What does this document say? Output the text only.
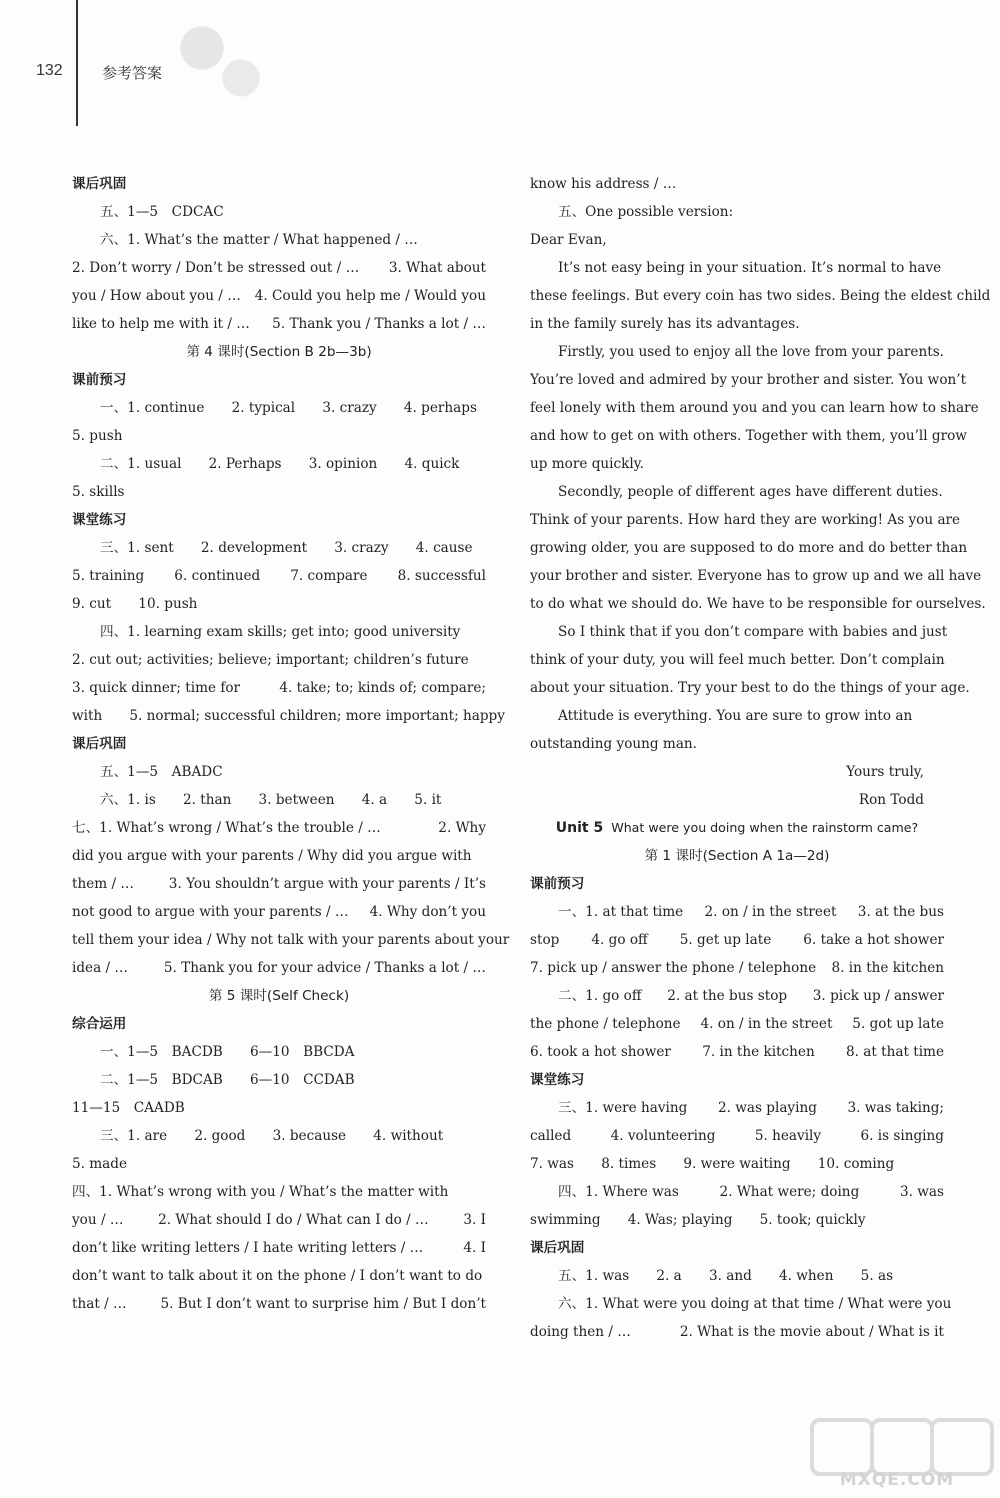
132	参考答案
课后巩固
五、1—5　CDCAC
六、1. What’s the matter / What happened / …
2. Don’t worry / Don’t be stressed out / … 3. What about
you / How about you / … 4. Could you help me / Would you
like to help me with it / … 5. Thank you / Thanks a lot / …
第 4 课时(Section B 2b—3b)
课前预习
一、1. continue　　2. typical　　3. crazy　　4. perhaps
5. push
二、1. usual　　2. Perhaps　　3. opinion　　4. quick
5. skills
课堂练习
三、1. sent　　2. development　　3. crazy　　4. cause
5. training 6. continued 7. compare 8. successful
9. cut　　10. push
四、1. learning exam skills; get into; good university
2. cut out; activities; believe; important; children’s future
3. quick dinner; time for	4. take; to; kinds of; compare;
with　　5. normal; successful children; more important; happy
课后巩固
五、1—5　ABADC
六、1. is　　2. than　　3. between　　4. a　　5. it
七、1. What’s wrong / What’s the trouble / …	2. Why
did you argue with your parents / Why did you argue with
them / …	3. You shouldn’t argue with your parents / It’s
not good to argue with your parents / … 4. Why don’t you
tell them your idea / Why not talk with your parents about your
idea / …	5. Thank you for your advice / Thanks a lot / …
第 5 课时(Self Check)
综合运用
一、1—5　BACDB　　6—10　BBCDA
二、1—5　BDCAB　　6—10　CCDAB
11—15　CAADB
三、1. are　　2. good　　3. because　　4. without
5. made
四、1. What’s wrong with you / What’s the matter with
you / …	2. What should I do / What can I do / …	3. I
don’t like writing letters / I hate writing letters / …	4. I
don’t want to talk about it on the phone / I don’t want to do
that / … 5. But I don’t want to surprise him / But I don’t
know his address / …
五、One possible version:
Dear Evan,
It’s not easy being in your situation. It’s normal to have
these feelings. But every coin has two sides. Being the eldest child
in the family surely has its advantages.
Firstly, you used to enjoy all the love from your parents.
You’re loved and admired by your brother and sister. You won’t
feel lonely with them around you and you can learn how to share
and how to get on with others. Together with them, you’ll grow
up more quickly.
Secondly, people of different ages have different duties.
Think of your parents. How hard they are working! As you are
growing older, you are supposed to do more and do better than
your brother and sister. Everyone has to grow up and we all have
to do what we should do. We have to be responsible for ourselves.
So I think that if you don’t compare with babies and just
think of your duty, you will feel much better. Don’t complain
about your situation. Try your best to do the things of your age.
Attitude is everything. You are sure to grow into an
outstanding young man.
Yours truly,
Ron Todd
Unit 5 What were you doing when the rainstorm came?
第 1 课时(Section A 1a—2d)
课前预习
一、1. at that time 2. on / in the street 3. at the bus
stop 4. go off 5. get up late 6. take a hot shower
7. pick up / answer the phone / telephone 8. in the kitchen
二、1. go off 2. at the bus stop 3. pick up / answer
the phone / telephone 4. on / in the street 5. got up late
6. took a hot shower 7. in the kitchen 8. at that time
课堂练习
三、1. were having 2. was playing 3. was taking;
called	4. volunteering	5. heavily	6. is singing
7. was　　8. times　　9. were waiting　　10. coming
四、1. Where was	2. What were; doing	3. was
swimming　　4. Was; playing　　5. took; quickly
课后巩固
五、1. was　　2. a　　3. and　　4. when　　5. as
六、1. What were you doing at that time / What were you
doing then / …	2. What is the movie about / What is it
MXQE.COM
